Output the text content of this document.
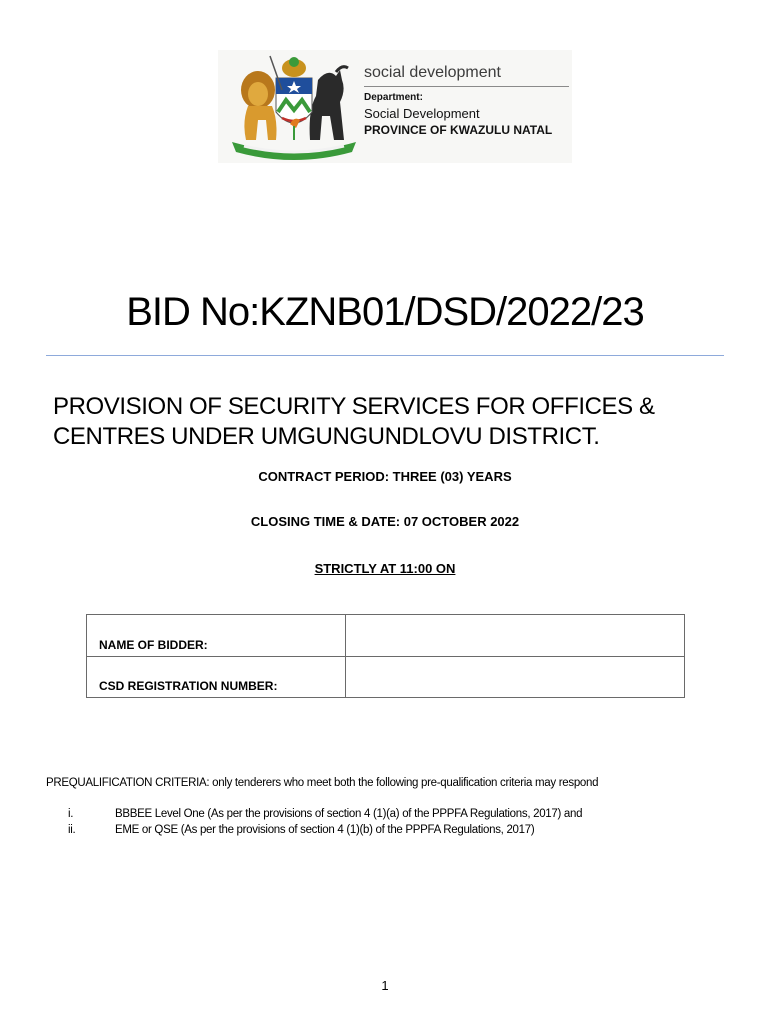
social development
Department:
Social Development
PROVINCE OF KWAZULU NATAL
BID No:KZNB01/DSD/2022/23
PROVISION OF SECURITY SERVICES FOR OFFICES &
CENTRES UNDER UMGUNGUNDLOVU DISTRICT.
CONTRACT PERIOD: THREE (03) YEARS
CLOSING TIME & DATE: 07 OCTOBER 2022
STRICTLY AT 11:00 ON
NAME OF BIDDER:	
CSD REGISTRATION NUMBER:	
PREQUALIFICATION CRITERIA: only tenderers who meet both the following pre-qualification criteria may respond
i.	BBBEE Level One (As per the provisions of section 4 (1)(a) of the PPPFA Regulations, 2017) and
ii.	EME or QSE (As per the provisions of section 4 (1)(b) of the PPPFA Regulations, 2017)
1
